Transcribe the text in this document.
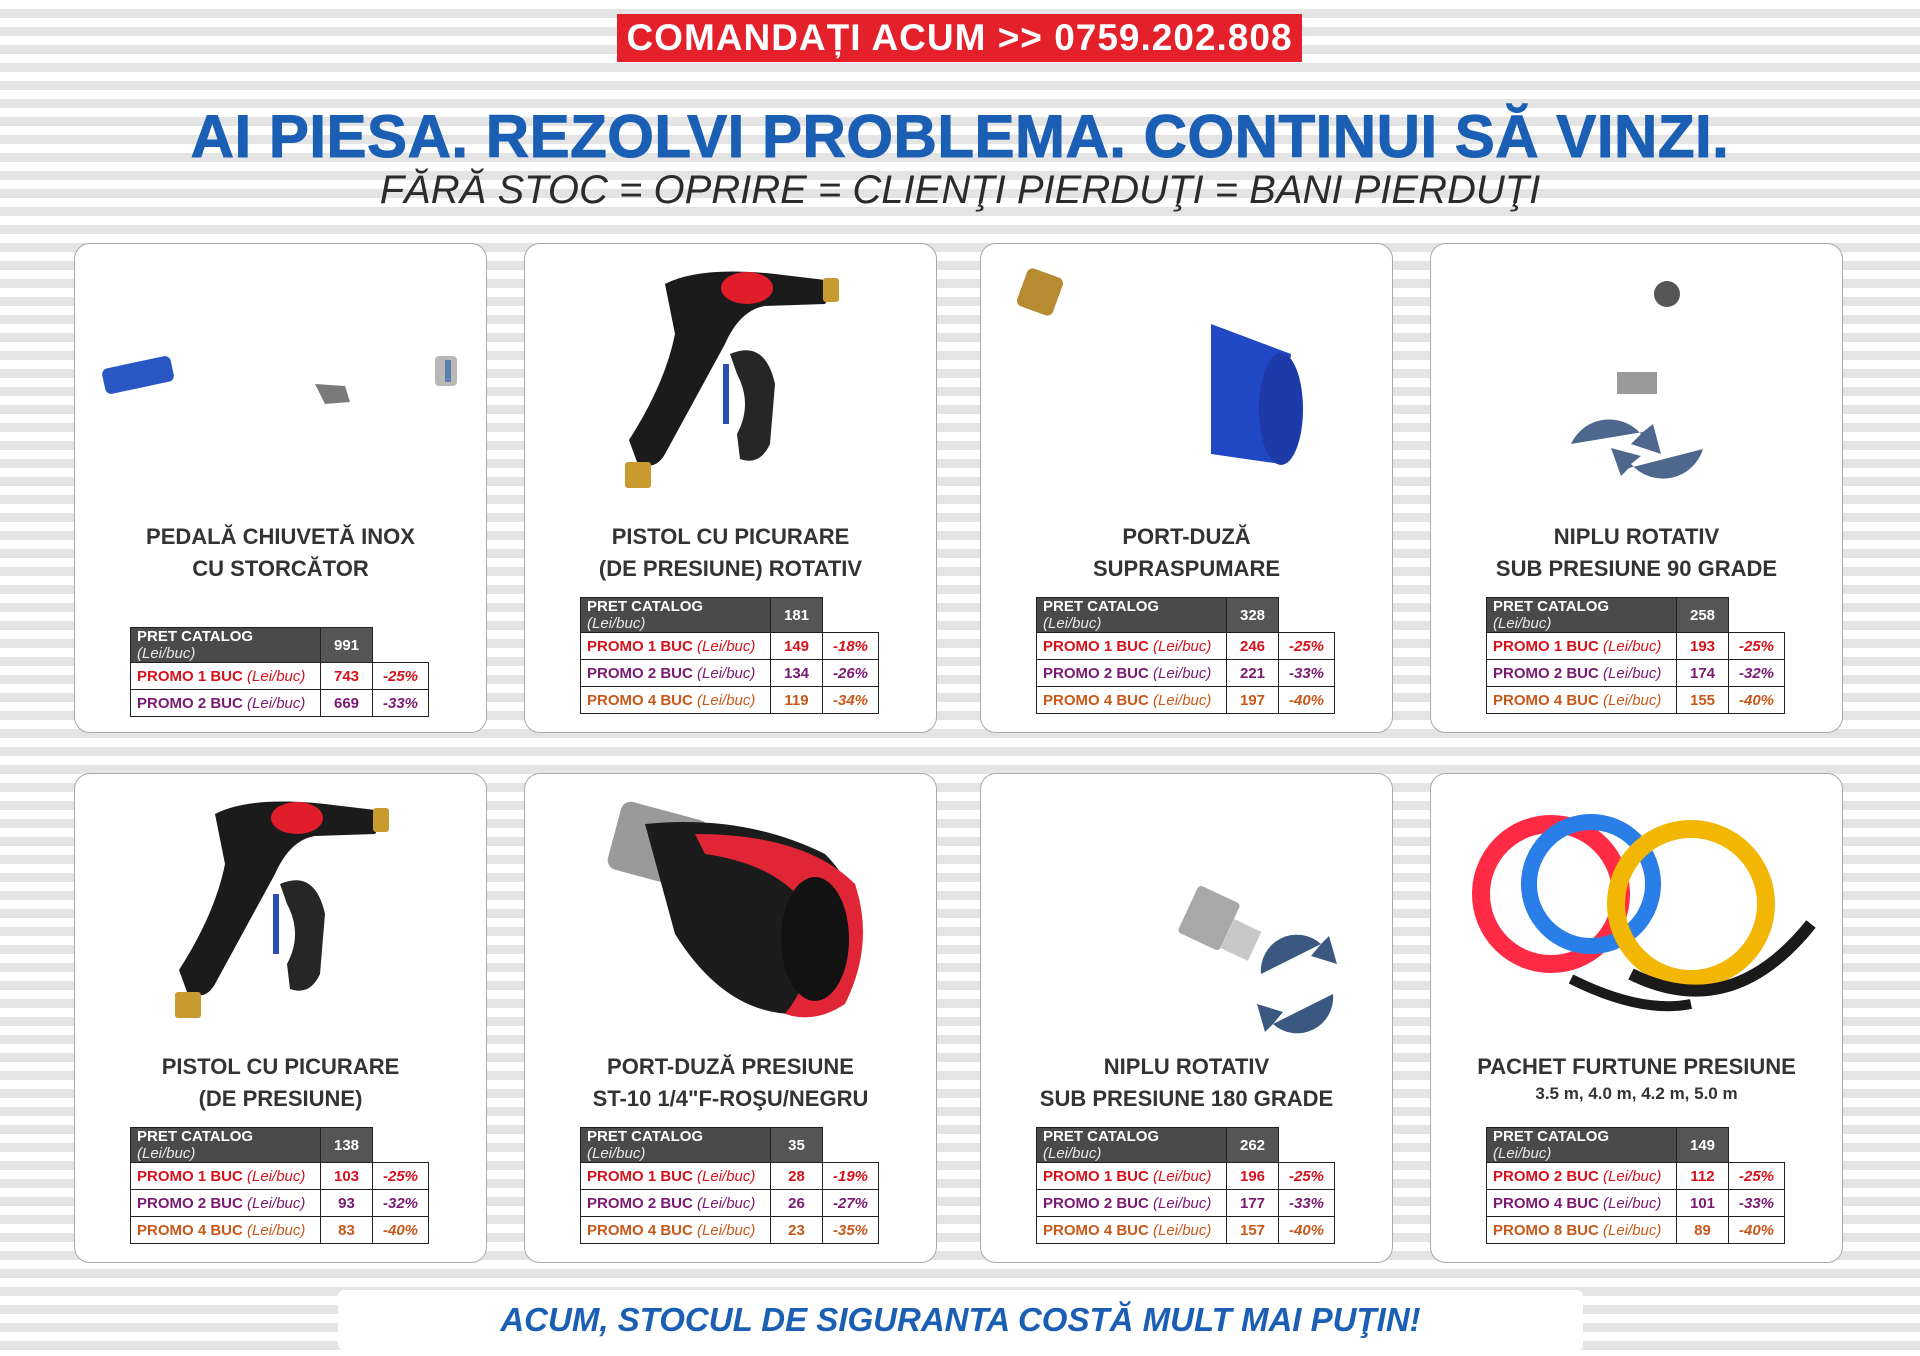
COMANDAȚI ACUM >> 0759.202.808
AI PIESA. REZOLVI PROBLEMA. CONTINUI SĂ VINZI.
FĂRĂ STOC = OPRIRE = CLIENŢI PIERDUŢI = BANI PIERDUŢI
PEDALĂ CHIUVETĂ INOX
CU STORCĂTOR
PRET CATALOG (Lei/buc)	991	
PROMO 1 BUC (Lei/buc)	743	-25%
PROMO 2 BUC (Lei/buc)	669	-33%
PISTOL CU PICURARE
(DE PRESIUNE) ROTATIV
PRET CATALOG (Lei/buc)	181	
PROMO 1 BUC (Lei/buc)	149	-18%
PROMO 2 BUC (Lei/buc)	134	-26%
PROMO 4 BUC (Lei/buc)	119	-34%
PORT-DUZĂ
SUPRASPUMARE
PRET CATALOG (Lei/buc)	328	
PROMO 1 BUC (Lei/buc)	246	-25%
PROMO 2 BUC (Lei/buc)	221	-33%
PROMO 4 BUC (Lei/buc)	197	-40%
NIPLU ROTATIV
SUB PRESIUNE 90 GRADE
PRET CATALOG (Lei/buc)	258	
PROMO 1 BUC (Lei/buc)	193	-25%
PROMO 2 BUC (Lei/buc)	174	-32%
PROMO 4 BUC (Lei/buc)	155	-40%
PISTOL CU PICURARE
(DE PRESIUNE)
PRET CATALOG (Lei/buc)	138	
PROMO 1 BUC (Lei/buc)	103	-25%
PROMO 2 BUC (Lei/buc)	93	-32%
PROMO 4 BUC (Lei/buc)	83	-40%
PORT-DUZĂ PRESIUNE
ST-10 1/4"F-ROŞU/NEGRU
PRET CATALOG (Lei/buc)	35	
PROMO 1 BUC (Lei/buc)	28	-19%
PROMO 2 BUC (Lei/buc)	26	-27%
PROMO 4 BUC (Lei/buc)	23	-35%
NIPLU ROTATIV
SUB PRESIUNE 180 GRADE
PRET CATALOG (Lei/buc)	262	
PROMO 1 BUC (Lei/buc)	196	-25%
PROMO 2 BUC (Lei/buc)	177	-33%
PROMO 4 BUC (Lei/buc)	157	-40%
PACHET FURTUNE PRESIUNE
3.5 m, 4.0 m, 4.2 m, 5.0 m
PRET CATALOG (Lei/buc)	149	
PROMO 2 BUC (Lei/buc)	112	-25%
PROMO 4 BUC (Lei/buc)	101	-33%
PROMO 8 BUC (Lei/buc)	89	-40%
ACUM, STOCUL DE SIGURANTA COSTĂ MULT MAI PUŢIN!
